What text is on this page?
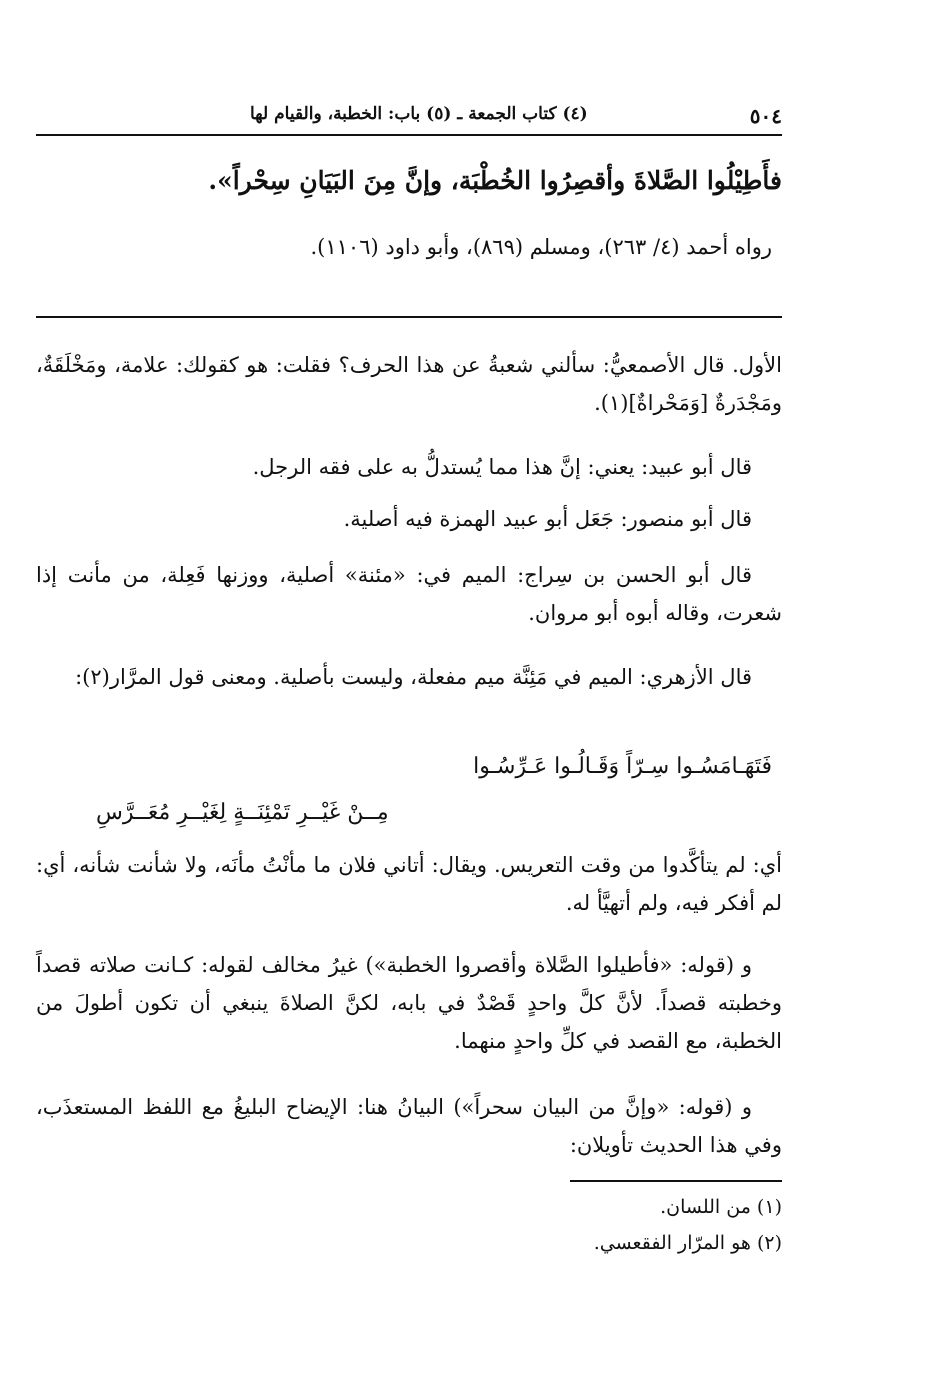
٥٠٤
(٤) كتاب الجمعة ـ (٥) باب: الخطبة، والقيام لها
فأَطِيْلُوا الصَّلاةَ وأقصِرُوا الخُطْبَة، وإنَّ مِنَ البَيَانِ سِحْراً».
رواه أحمد (٤/ ٢٦٣)، ومسلم (٨٦٩)، وأبو داود (١١٠٦).
الأول. قال الأصمعيُّ: سألني شعبةُ عن هذا الحرف؟ فقلت: هو كقولك: علامة، ومَخْلَقَةٌ، ومَجْدَرةٌ [وَمَحْراةٌ](١).
قال أبو عبيد: يعني: إنَّ هذا مما يُستدلُّ به على فقه الرجل.
قال أبو منصور: جَعَل أبو عبيد الهمزة فيه أصلية.
قال أبو الحسن بن سِراج: الميم في: «مئنة» أصلية، ووزنها فَعِلة، من مأنت إذا شعرت، وقاله أبوه أبو مروان.
قال الأزهري: الميم في مَئِنَّة ميم مفعلة، وليست بأصلية. ومعنى قول المرَّار(٢):
فَتَهَـامَسُـوا سِـرّاً وَقَـالُـوا عَـرِّسُـوا
مِــنْ غَيْــرِ تَمْئِنَــةٍ لِغَيْــرِ مُعَــرَّسِ
أي: لم يتأكَّدوا من وقت التعريس. ويقال: أتاني فلان ما مأنْتُ مأنَه، ولا شأنت شأنه، أي: لم أفكر فيه، ولم أتهيَّأ له.
و (قوله: «فأطيلوا الصَّلاة وأقصروا الخطبة») غيرُ مخالف لقوله: كـانت صلاته قصداً وخطبته قصداً. لأنَّ كلَّ واحدٍ قَصْدٌ في بابه، لكنَّ الصلاةَ ينبغي أن تكون أطولَ من الخطبة، مع القصد في كلِّ واحدٍ منهما.
و (قوله: «وإنَّ من البيان سحراً») البيانُ هنا: الإيضاح البليغُ مع اللفظ المستعذَب، وفي هذا الحديث تأويلان:
(١) من اللسان.
(٢) هو المرّار الفقعسي.
